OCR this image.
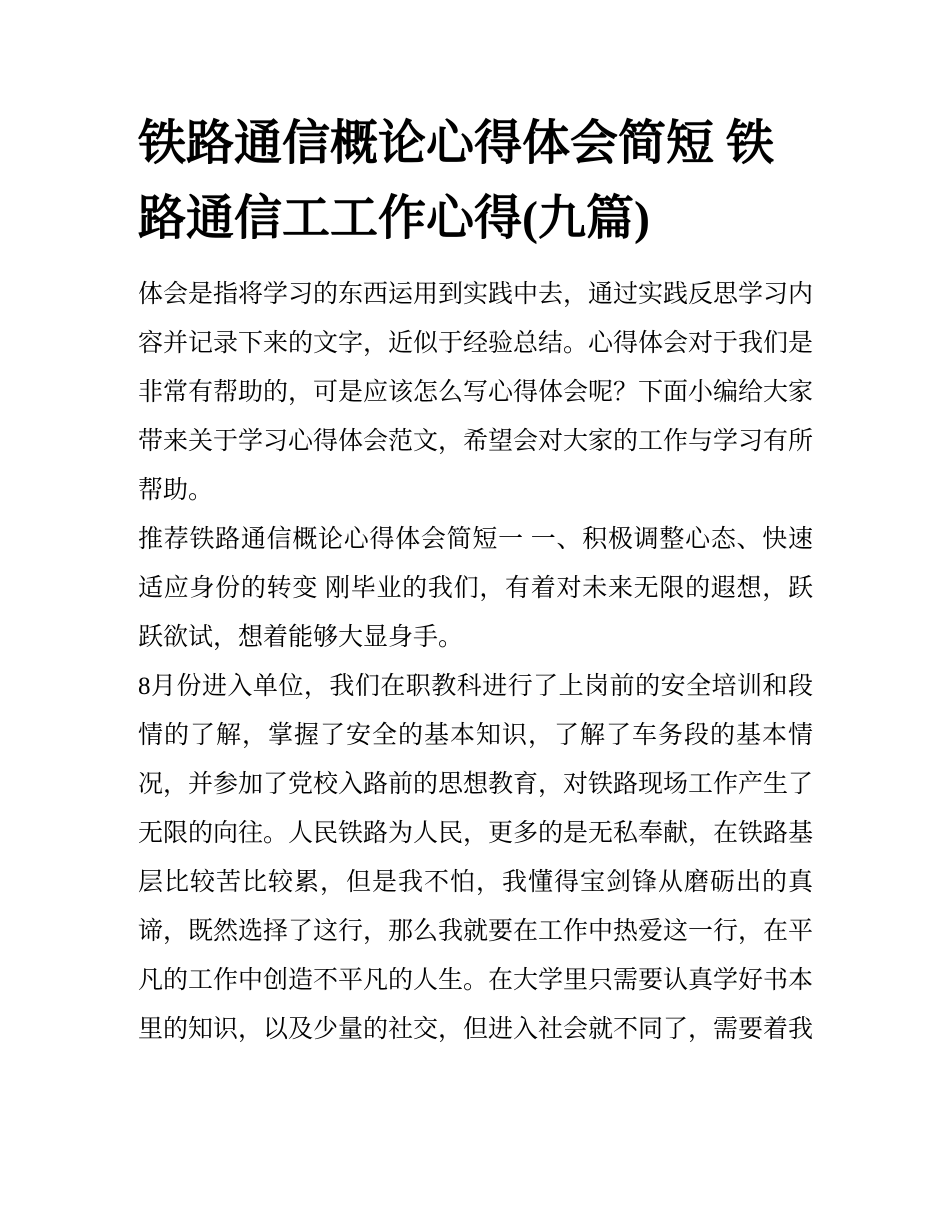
铁路通信概论心得体会简短 铁路通信工工作心得(九篇)

体会是指将学习的东西运用到实践中去，通过实践反思学习内容并记录下来的文字，近似于经验总结。心得体会对于我们是非常有帮助的，可是应该怎么写心得体会呢？下面小编给大家带来关于学习心得体会范文，希望会对大家的工作与学习有所帮助。

推荐铁路通信概论心得体会简短一 一、积极调整心态、快速适应身份的转变 刚毕业的我们，有着对未来无限的遐想，跃跃欲试，想着能够大显身手。

8月份进入单位，我们在职教科进行了上岗前的安全培训和段情的了解，掌握了安全的基本知识，了解了车务段的基本情况，并参加了党校入路前的思想教育，对铁路现场工作产生了无限的向往。人民铁路为人民，更多的是无私奉献，在铁路基层比较苦比较累，但是我不怕，我懂得宝剑锋从磨砺出的真谛，既然选择了这行，那么我就要在工作中热爱这一行，在平凡的工作中创造不平凡的人生。在大学里只需要认真学好书本里的知识，以及少量的社交，但进入社会就不同了，需要着我
